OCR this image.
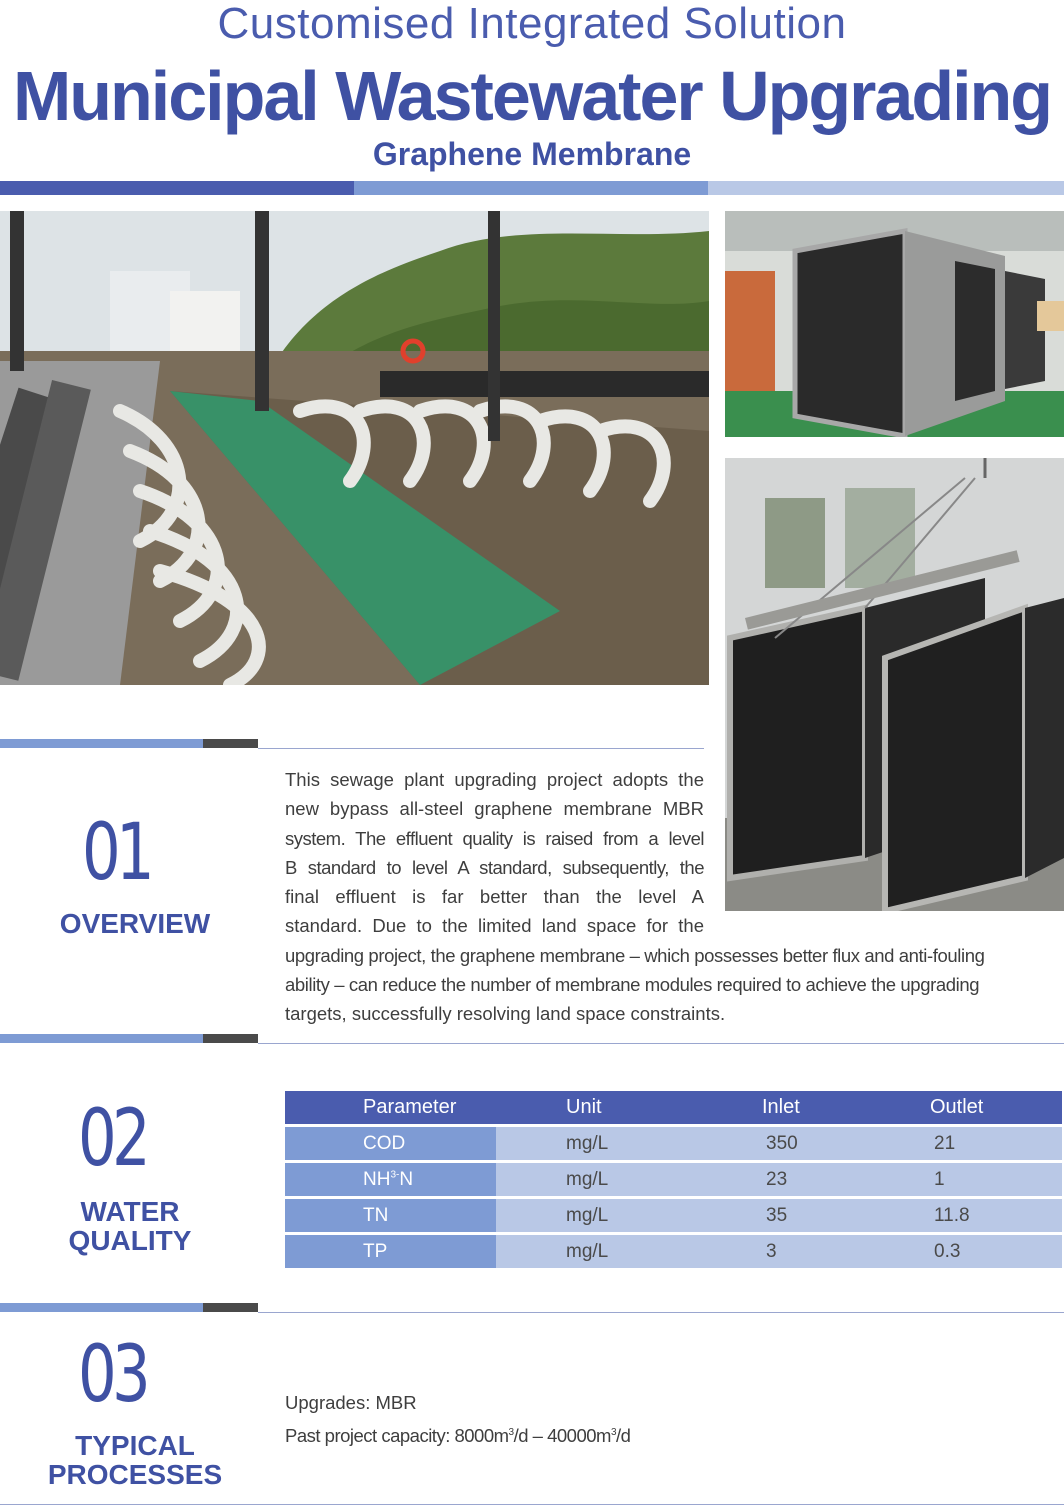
Customised Integrated Solution
Municipal Wastewater Upgrading
Graphene Membrane
01
OVERVIEW
This sewage plant upgrading project adopts the
new bypass all-steel graphene membrane MBR
system. The effluent quality is raised from a level
B standard to level A standard, subsequently, the
final effluent is far better than the level A
standard. Due to the limited land space for the
upgrading project, the graphene membrane – which possesses better flux and anti-fouling
ability – can reduce the number of membrane modules required to achieve the upgrading
targets, successfully resolving land space constraints.
02
WATER
QUALITY
Parameter	Unit	Inlet	Outlet
COD	mg/L	350	21
$NH^{3-}N$	mg/L	23	1
TN	mg/L	35	11.8
TP	mg/L	3	0.3
03
TYPICAL
PROCESSES
Upgrades: MBR
Past project capacity: $8000m^3/d - 40000m^3/d$
